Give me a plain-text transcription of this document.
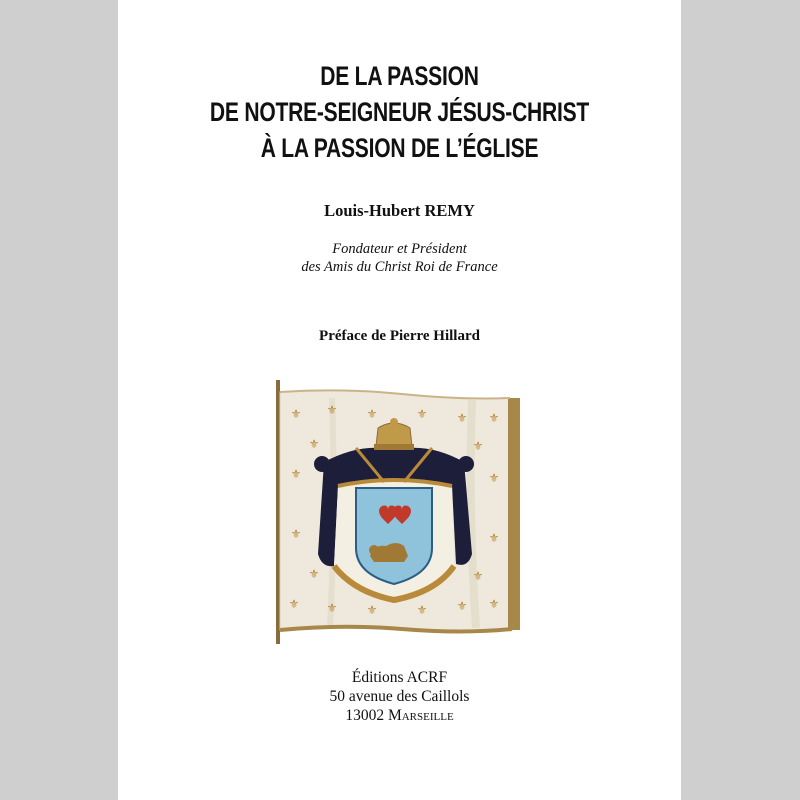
DE LA PASSION
DE NOTRE-SEIGNEUR JÉSUS-CHRIST
À LA PASSION DE L’ÉGLISE
Louis-Hubert REMY
Fondateur et Président
des Amis du Christ Roi de France
Préface de Pierre Hillard
⚜ ⚜ ⚜	⚜ ⚜ ⚜
⚜	⚜
⚜	⚜
⚜ ⚜	⚜ ⚜
⚜	⚜
⚜	⚜
⚜	⚜
Éditions ACRF
50 avenue des Caillols
13002 Marseille
